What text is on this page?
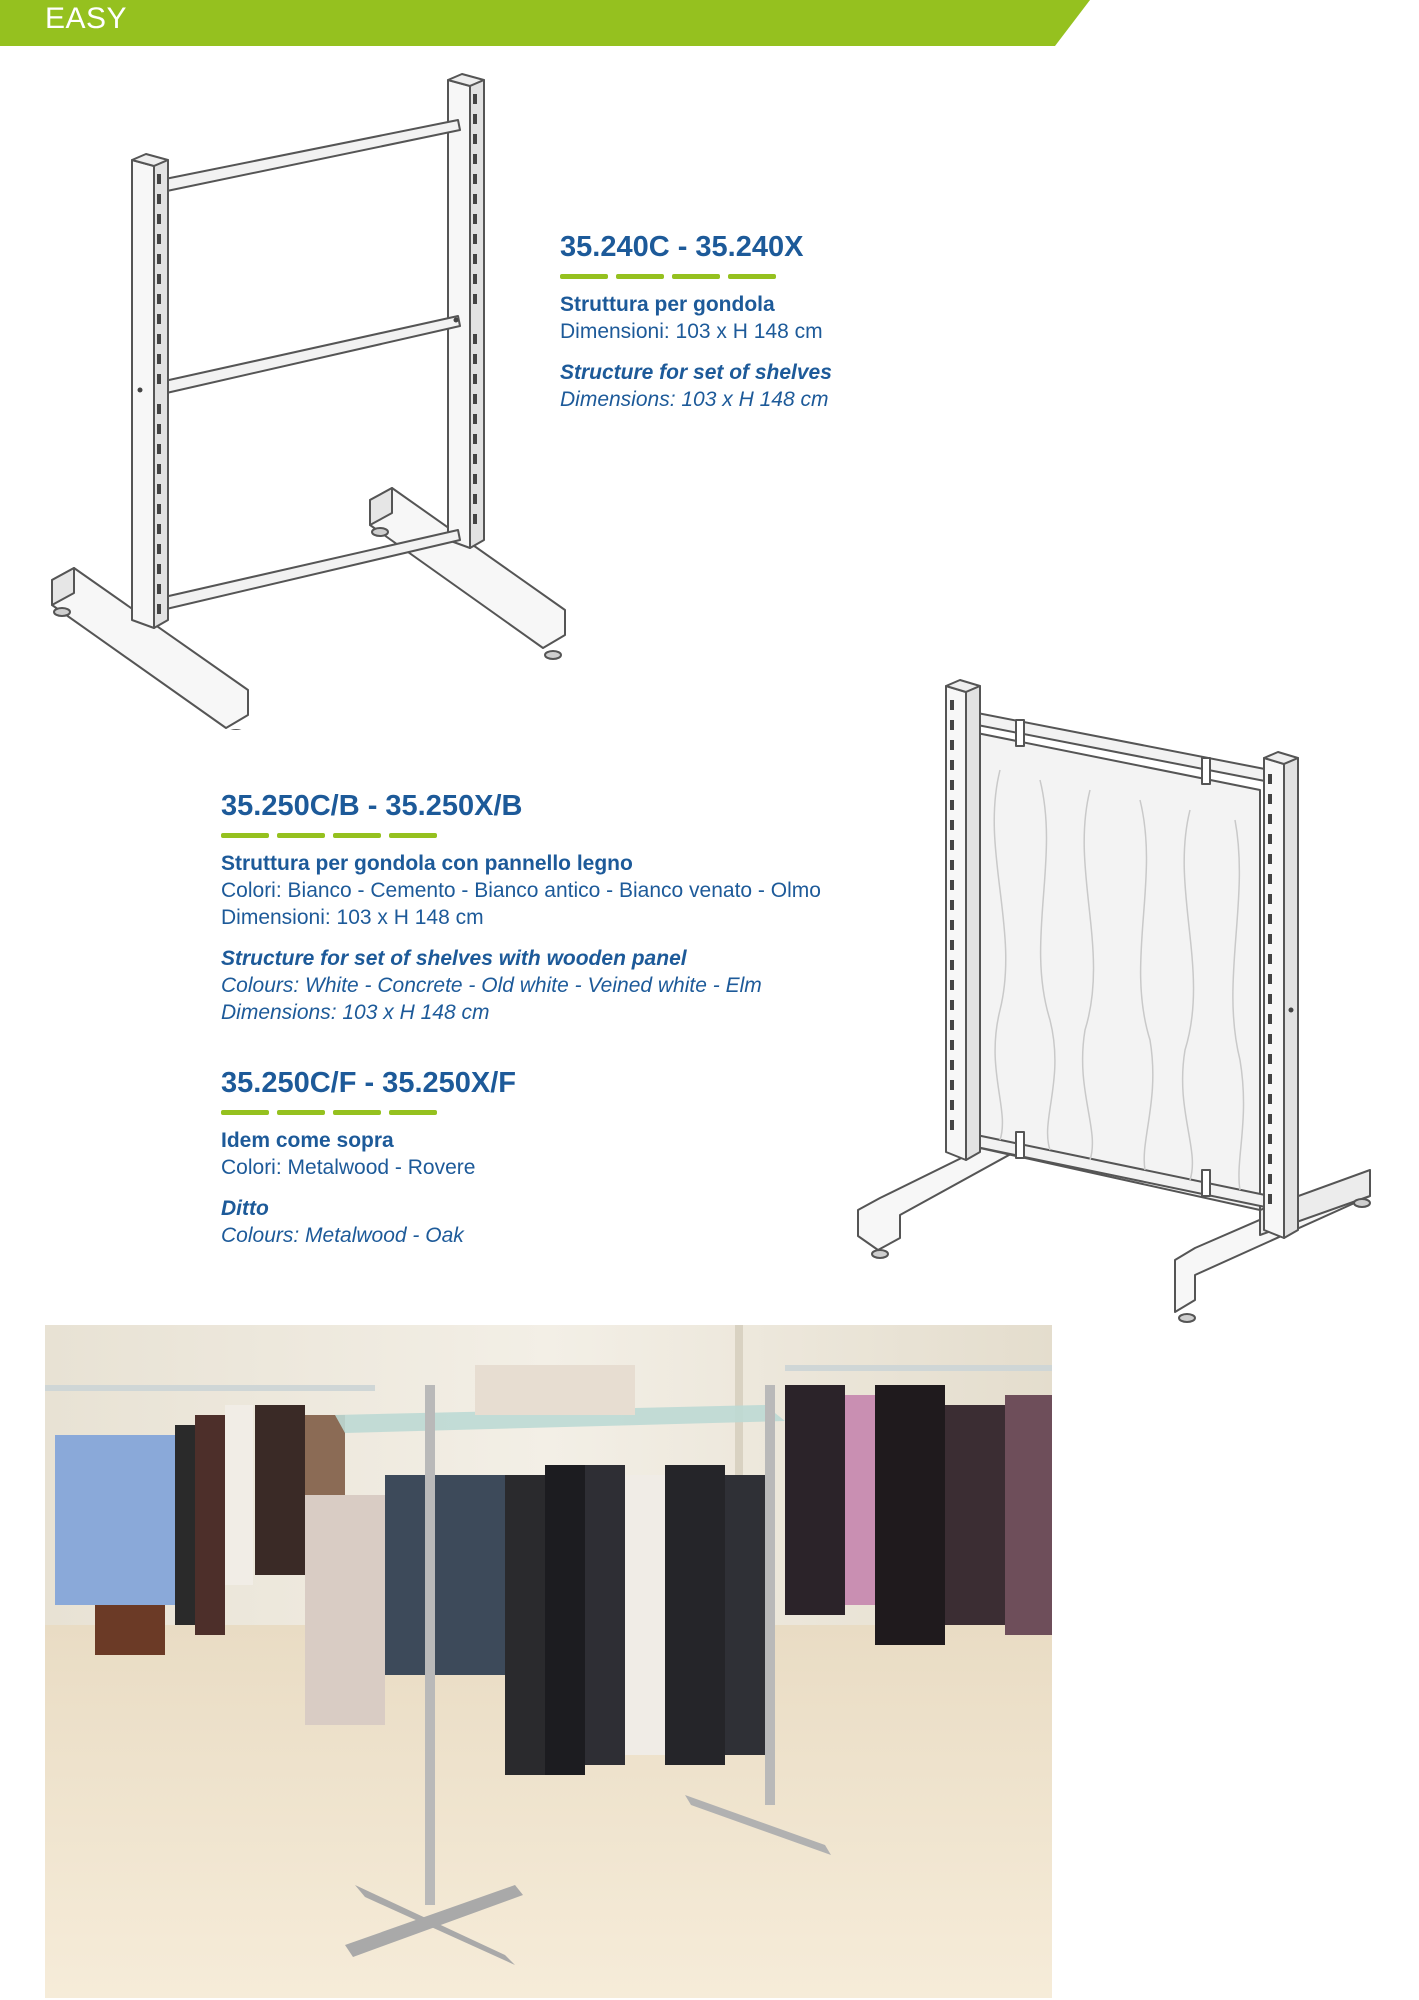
EASY
35.240C - 35.240X
Struttura per gondola
Dimensioni: 103 x H 148 cm
Structure for set of shelves
Dimensions: 103 x H 148 cm
35.250C/B - 35.250X/B
Struttura per gondola con pannello legno
Colori: Bianco - Cemento - Bianco antico - Bianco venato - Olmo
Dimensioni: 103 x H 148 cm
Structure for set of shelves with wooden panel
Colours: White - Concrete - Old white - Veined white - Elm
Dimensions: 103 x H 148 cm
35.250C/F - 35.250X/F
Idem come sopra
Colori: Metalwood - Rovere
Ditto
Colours: Metalwood - Oak
